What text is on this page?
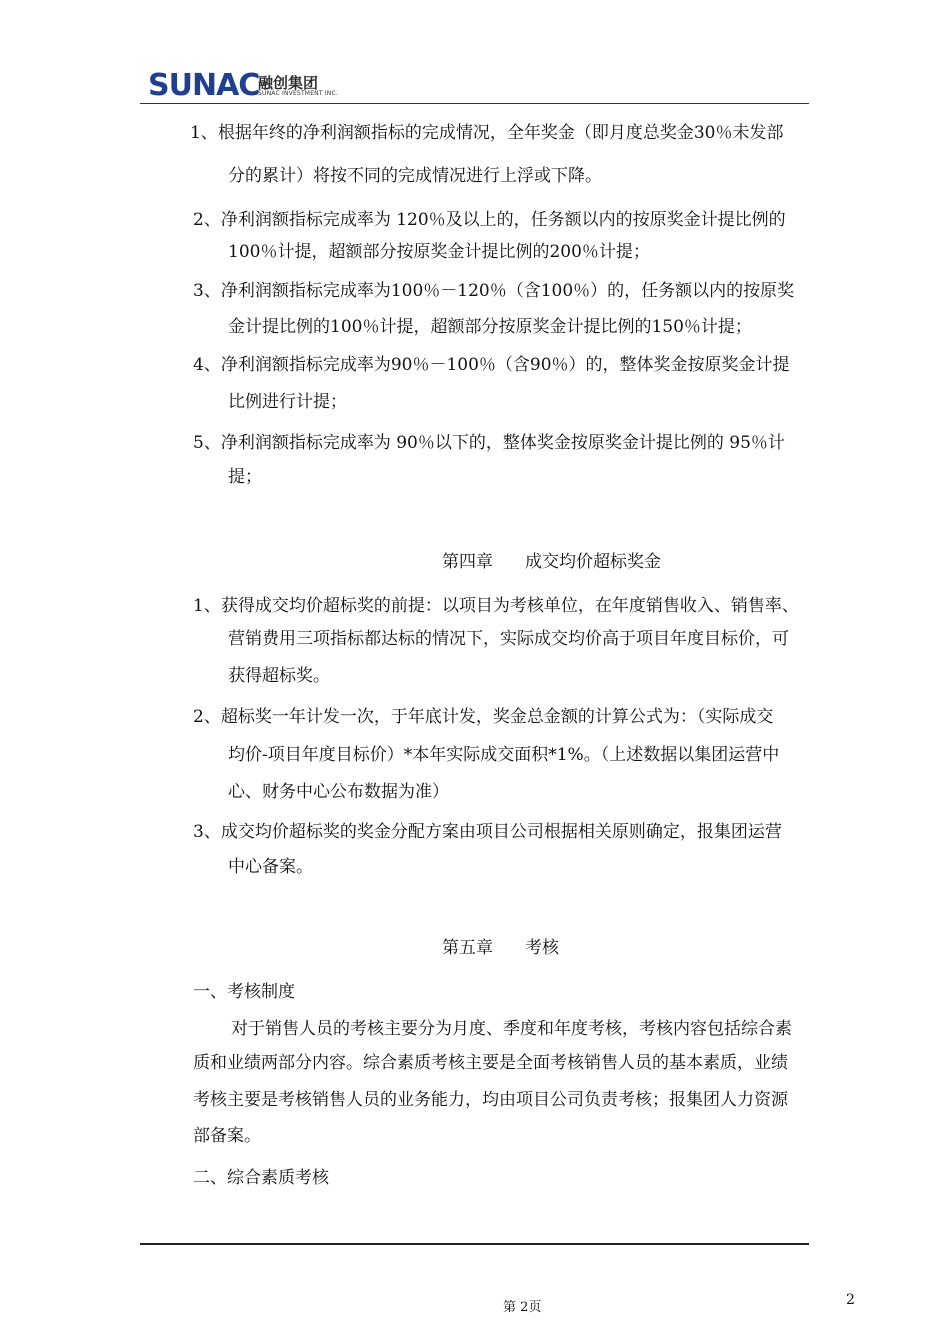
SUNAC
融创集团
SUNAC INVESTMENT INC.
1、根据年终的净利润额指标的完成情况，全年奖金（即月度总奖金30％未发部
分的累计）将按不同的完成情况进行上浮或下降。
2、净利润额指标完成率为 120％及以上的，任务额以内的按原奖金计提比例的
100％计提，超额部分按原奖金计提比例的200％计提；
3、净利润额指标完成率为100％－120％（含100％）的，任务额以内的按原奖
金计提比例的100％计提，超额部分按原奖金计提比例的150％计提；
4、净利润额指标完成率为90％－100％（含90％）的，整体奖金按原奖金计提
比例进行计提；
5、净利润额指标完成率为 90％以下的，整体奖金按原奖金计提比例的 95％计
提；
第四章 成交均价超标奖金
1、获得成交均价超标奖的前提：以项目为考核单位，在年度销售收入、销售率、
营销费用三项指标都达标的情况下，实际成交均价高于项目年度目标价，可
获得超标奖。
2、超标奖一年计发一次，于年底计发，奖金总金额的计算公式为：（实际成交
均价-项目年度目标价）*本年实际成交面积*1%。（上述数据以集团运营中
心、财务中心公布数据为准）
3、成交均价超标奖的奖金分配方案由项目公司根据相关原则确定，报集团运营
中心备案。
第五章 考核
一、考核制度
对于销售人员的考核主要分为月度、季度和年度考核，考核内容包括综合素
质和业绩两部分内容。综合素质考核主要是全面考核销售人员的基本素质，业绩
考核主要是考核销售人员的业务能力，均由项目公司负责考核；报集团人力资源
部备案。
二、综合素质考核
第 2页	2
